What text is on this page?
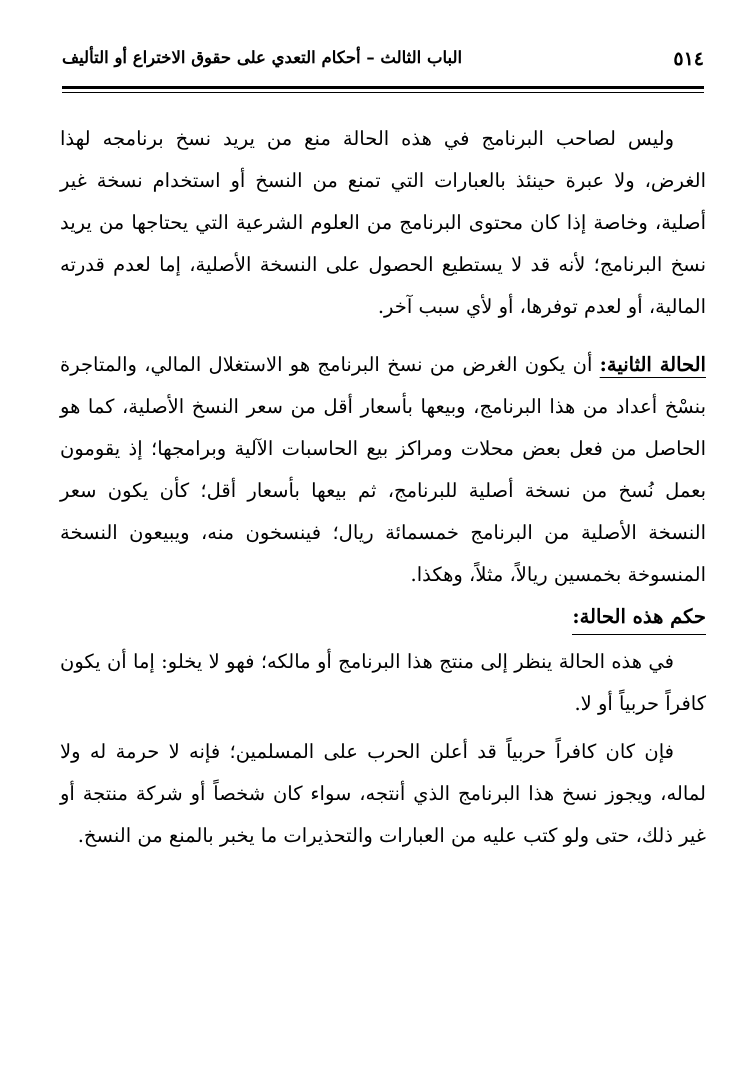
٥١٤
الباب الثالث – أحكام التعدي على حقوق الاختراع أو التأليف

وليس لصاحب البرنامج في هذه الحالة منع من يريد نسخ برنامجه لهذا الغرض، ولا عبرة حينئذ بالعبارات التي تمنع من النسخ أو استخدام نسخة غير أصلية، وخاصة إذا كان محتوى البرنامج من العلوم الشرعية التي يحتاجها من يريد نسخ البرنامج؛ لأنه قد لا يستطيع الحصول على النسخة الأصلية، إما لعدم قدرته المالية، أو لعدم توفرها، أو لأي سبب آخر.

الحالة الثانية: أن يكون الغرض من نسخ البرنامج هو الاستغلال المالي، والمتاجرة بنسْخ أعداد من هذا البرنامج، وبيعها بأسعار أقل من سعر النسخ الأصلية، كما هو الحاصل من فعل بعض محلات ومراكز بيع الحاسبات الآلية وبرامجها؛ إذ يقومون بعمل نُسخ من نسخة أصلية للبرنامج، ثم بيعها بأسعار أقل؛ كأن يكون سعر النسخة الأصلية من البرنامج خمسمائة ريال؛ فينسخون منه، ويبيعون النسخة المنسوخة بخمسين ريالاً، مثلاً، وهكذا.

حكم هذه الحالة:

في هذه الحالة ينظر إلى منتج هذا البرنامج أو مالكه؛ فهو لا يخلو: إما أن يكون كافراً حربياً أو لا.

فإن كان كافراً حربياً قد أعلن الحرب على المسلمين؛ فإنه لا حرمة له ولا لماله، ويجوز نسخ هذا البرنامج الذي أنتجه، سواء كان شخصاً أو شركة منتجة أو غير ذلك، حتى ولو كتب عليه من العبارات والتحذيرات ما يخبر بالمنع من النسخ.
